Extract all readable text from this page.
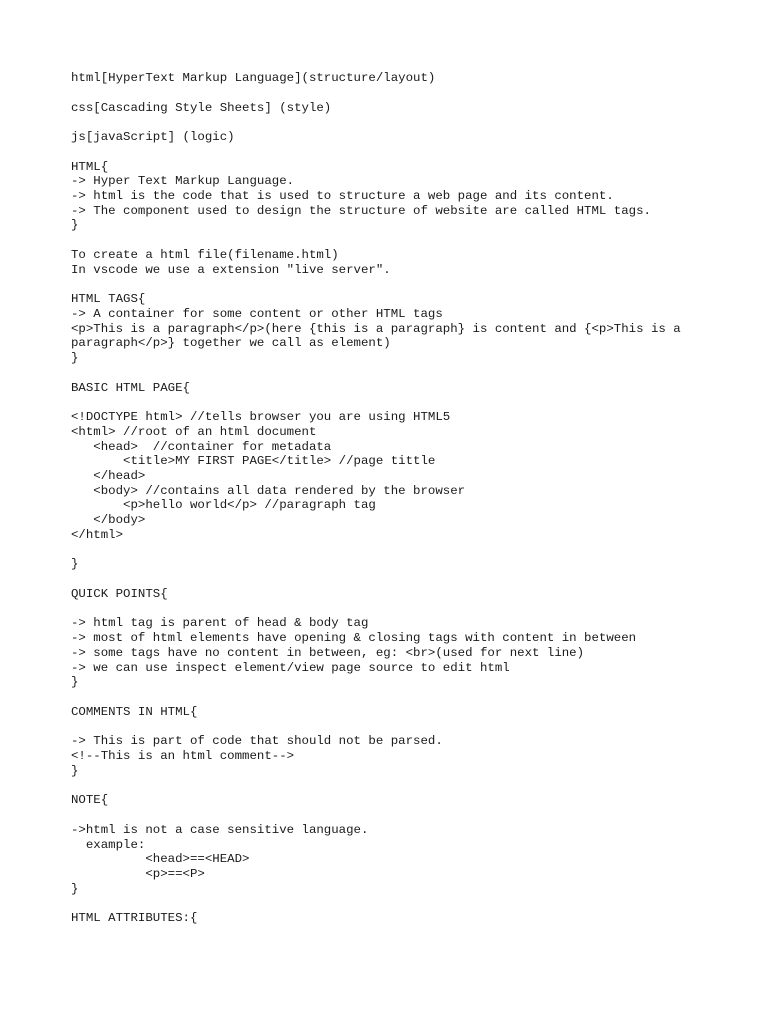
html[HyperText Markup Language](structure/layout)
css[Cascading Style Sheets] (style)
js[javaScript] (logic)
HTML{
-> Hyper Text Markup Language.
-> html is the code that is used to structure a web page and its content.
-> The component used to design the structure of website are called HTML tags.
}
To create a html file(filename.html)
In vscode we use a extension "live server".
HTML TAGS{
-> A container for some content or other HTML tags
<p>This is a paragraph</p>(here {this is a paragraph} is content and {<p>This is a
paragraph</p>} together we call as element)
}
BASIC HTML PAGE{
<!DOCTYPE html> //tells browser you are using HTML5
<html> //root of an html document
<head>  //container for metadata
<title>MY FIRST PAGE</title> //page tittle
</head>
<body> //contains all data rendered by the browser
<p>hello world</p> //paragraph tag
</body>
</html>
}
QUICK POINTS{
-> html tag is parent of head & body tag
-> most of html elements have opening & closing tags with content in between
-> some tags have no content in between, eg: <br>(used for next line)
-> we can use inspect element/view page source to edit html
}
COMMENTS IN HTML{
-> This is part of code that should not be parsed.
<!--This is an html comment-->
}
NOTE{
->html is not a case sensitive language.
example:
<head>==<HEAD>
<p>==<P>
}
HTML ATTRIBUTES:{
